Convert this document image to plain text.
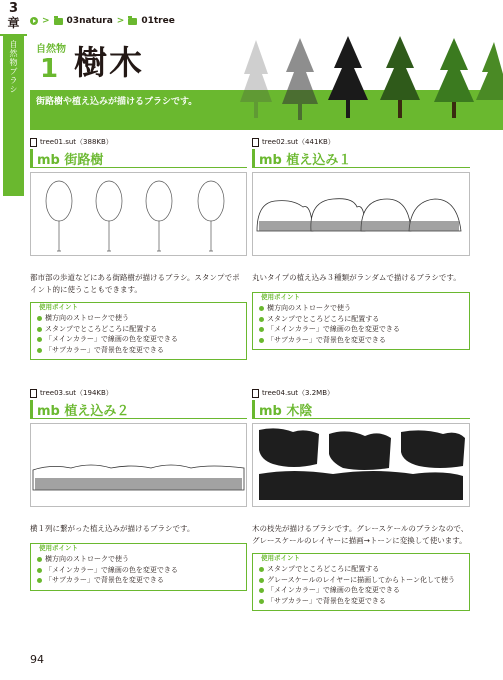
3
章
自然物ブラシ
> 03natura > 01tree
自然物
1 樹木
街路樹や植え込みが描けるブラシです。
tree01.sut（388KB）
mb 街路樹
都市部の歩道などにある街路樹が描けるブラシ。スタンプでポイント的に使うこともできます。
使用ポイント
横方向のストロークで使う
スタンプでところどころに配置する
「メインカラー」で線画の色を変更できる
「サブカラー」で背景色を変更できる
tree02.sut（441KB）
mb 植え込み１
丸いタイプの植え込み３種類がランダムで描けるブラシです。
使用ポイント
横方向のストロークで使う
スタンプでところどころに配置する
「メインカラー」で線画の色を変更できる
「サブカラー」で背景色を変更できる
tree03.sut（194KB）
mb 植え込み２
横１列に繋がった植え込みが描けるブラシです。
使用ポイント
横方向のストロークで使う
「メインカラー」で線画の色を変更できる
「サブカラー」で背景色を変更できる
tree04.sut（3.2MB）
mb 木陰
木の枝先が描けるブラシです。グレースケールのブラシなので、グレースケールのレイヤーに描画→トーンに変換して使います。
使用ポイント
スタンプでところどころに配置する
グレースケールのレイヤーに描画してからトーン化して使う
「メインカラー」で線画の色を変更できる
「サブカラー」で背景色を変更できる
94
